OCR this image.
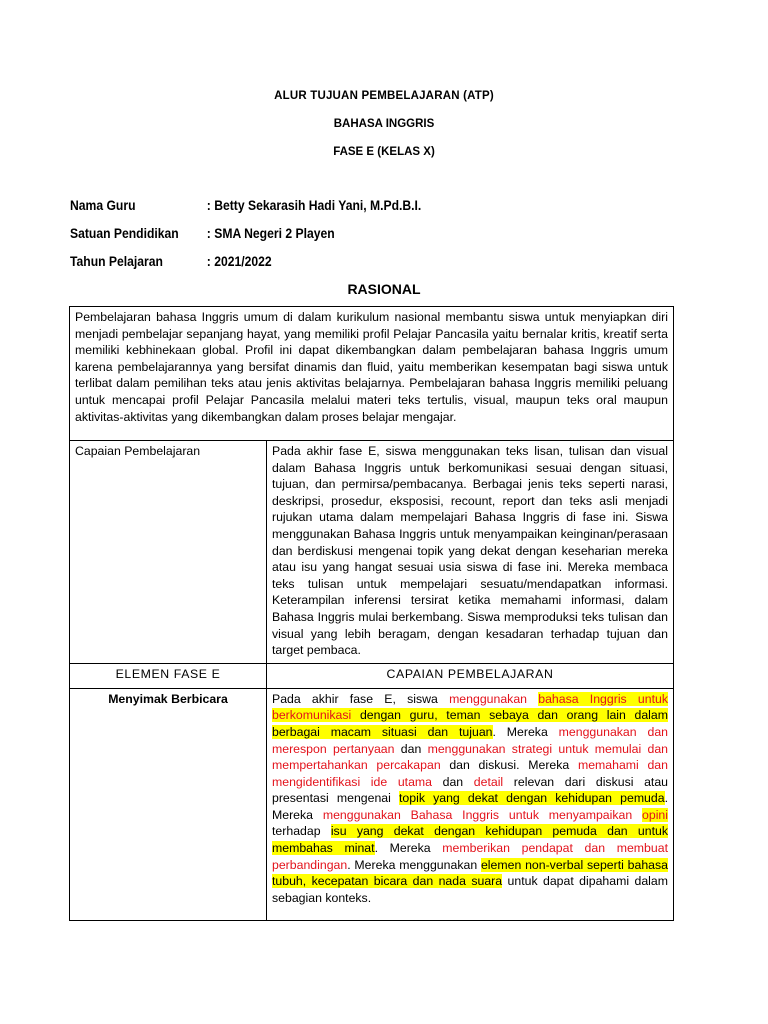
ALUR TUJUAN PEMBELAJARAN (ATP)
BAHASA INGGRIS
FASE E (KELAS X)
Nama Guru	: Betty Sekarasih Hadi Yani, M.Pd.B.I.
Satuan Pendidikan : SMA Negeri 2 Playen
Tahun Pelajaran	: 2021/2022
RASIONAL
Pembelajaran bahasa Inggris umum di dalam kurikulum nasional membantu siswa untuk menyiapkan diri menjadi pembelajar sepanjang hayat, yang memiliki profil Pelajar Pancasila yaitu bernalar kritis, kreatif serta memiliki kebhinekaan global. Profil ini dapat dikembangkan dalam pembelajaran bahasa Inggris umum karena pembelajarannya yang bersifat dinamis dan fluid, yaitu memberikan kesempatan bagi siswa untuk terlibat dalam pemilihan teks atau jenis aktivitas belajarnya. Pembelajaran bahasa Inggris memiliki peluang untuk mencapai profil Pelajar Pancasila melalui materi teks tertulis, visual, maupun teks oral maupun aktivitas-aktivitas yang dikembangkan dalam proses belajar mengajar.	
Capaian Pembelajaran	Pada akhir fase E, siswa menggunakan teks lisan, tulisan dan visual dalam Bahasa Inggris untuk berkomunikasi sesuai dengan situasi, tujuan, dan permirsa/pembacanya. Berbagai jenis teks seperti narasi, deskripsi, prosedur, eksposisi, recount, report dan teks asli menjadi rujukan utama dalam mempelajari Bahasa Inggris di fase ini. Siswa menggunakan Bahasa Inggris untuk menyampaikan keinginan/perasaan dan berdiskusi mengenai topik yang dekat dengan keseharian mereka atau isu yang hangat sesuai usia siswa di fase ini. Mereka membaca teks tulisan untuk mempelajari sesuatu/mendapatkan informasi. Keterampilan inferensi tersirat ketika memahami informasi, dalam Bahasa Inggris mulai berkembang. Siswa memproduksi teks tulisan dan visual yang lebih beragam, dengan kesadaran terhadap tujuan dan target pembaca.
ELEMEN FASE E	CAPAIAN PEMBELAJARAN
Menyimak Berbicara	Pada akhir fase E, siswa menggunakan bahasa Inggris untuk berkomunikasi dengan guru, teman sebaya dan orang lain dalam berbagai macam situasi dan tujuan. Mereka menggunakan dan merespon pertanyaan dan menggunakan strategi untuk memulai dan mempertahankan percakapan dan diskusi. Mereka memahami dan mengidentifikasi ide utama dan detail relevan dari diskusi atau presentasi mengenai topik yang dekat dengan kehidupan pemuda. Mereka menggunakan Bahasa Inggris untuk menyampaikan opini terhadap isu yang dekat dengan kehidupan pemuda dan untuk membahas minat. Mereka memberikan pendapat dan membuat perbandingan. Mereka menggunakan elemen non-verbal seperti bahasa tubuh, kecepatan bicara dan nada suara untuk dapat dipahami dalam sebagian konteks.
